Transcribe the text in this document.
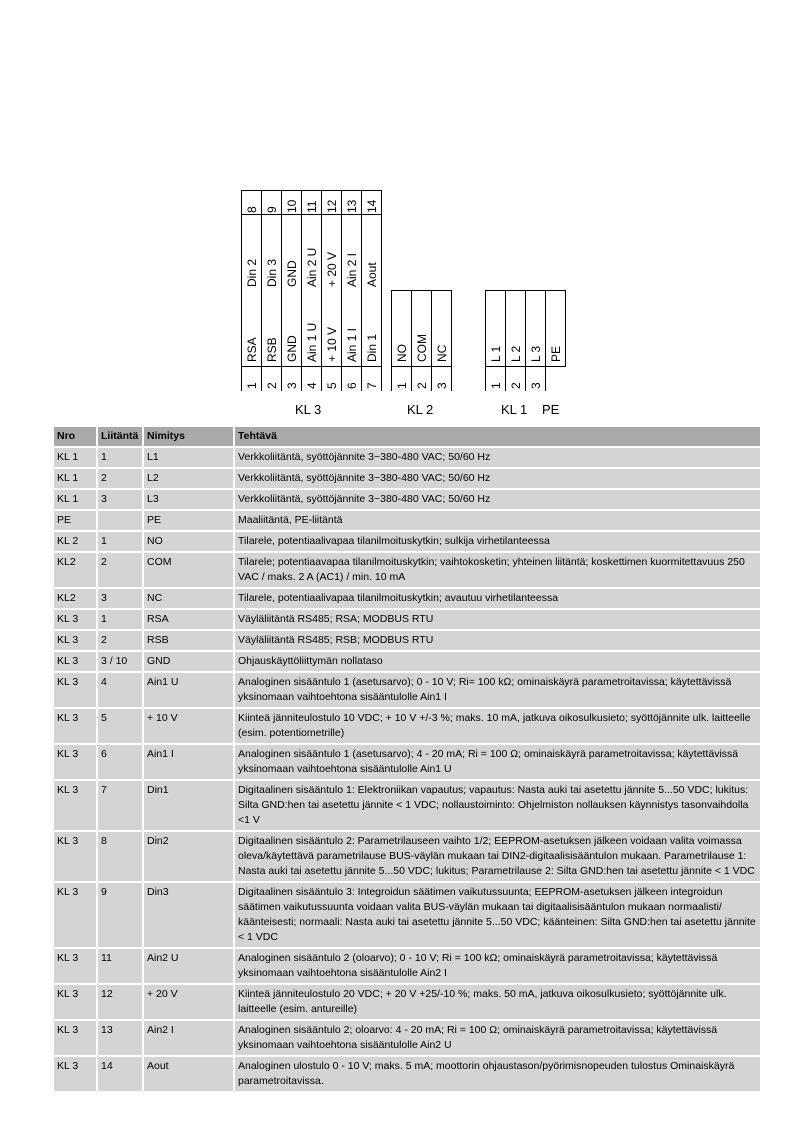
8
Din 2
RSA
1
9
Din 3
RSB
2
10
GND
GND
3
11
Ain 2 U
Ain 1 U
4
12
+ 20 V
+ 10 V
5
13
Ain 2 I
Ain 1 I
6
14
Aout
Din 1
7
KL 3
NO
1
COM
2
NC
3
KL 2
L 1
1
L 2
2
L 3
3
PE
KL 1 PE
Nro	Liitäntä	Nimitys	Tehtävä
KL 1	1	L1	Verkkoliitäntä, syöttöjännite 3~380-480 VAC; 50/60 Hz
KL 1	2	L2	Verkkoliitäntä, syöttöjännite 3~380-480 VAC; 50/60 Hz
KL 1	3	L3	Verkkoliitäntä, syöttöjännite 3~380-480 VAC; 50/60 Hz
PE		PE	Maaliitäntä, PE-liitäntä
KL 2	1	NO	Tilarele, potentiaalivapaa tilanilmoituskytkin; sulkija virhetilanteessa
KL2	2	COM	Tilarele; potentiaavapaa tilanilmoituskytkin; vaihtokosketin; yhteinen liitäntä; koskettimen kuormitettavuus 250 VAC / maks. 2 A (AC1) / min. 10 mA
KL2	3	NC	Tilarele, potentiaalivapaa tilanilmoituskytkin; avautuu virhetilanteessa
KL 3	1	RSA	Väyläliitäntä RS485; RSA; MODBUS RTU
KL 3	2	RSB	Väyläliitäntä RS485; RSB; MODBUS RTU
KL 3	3 / 10	GND	Ohjauskäyttöliittymän nollataso
KL 3	4	Ain1 U	Analoginen sisääntulo 1 (asetusarvo); 0 - 10 V; Ri= 100 kΩ; ominaiskäyrä parametroitavissa; käytettävissä yksinomaan vaihtoehtona sisääntulolle Ain1 I
KL 3	5	+ 10 V	Kiinteä jänniteulostulo 10 VDC; + 10 V +/-3 %; maks. 10 mA, jatkuva oikosulkusieto; syöttöjännite ulk. laitteelle (esim. potentiometrille)
KL 3	6	Ain1 I	Analoginen sisääntulo 1 (asetusarvo); 4 - 20 mA; Ri = 100 Ω; ominaiskäyrä parametroitavissa; käytettävissä yksinomaan vaihtoehtona sisääntulolle Ain1 U
KL 3	7	Din1	Digitaalinen sisääntulo 1: Elektroniikan vapautus; vapautus: Nasta auki tai asetettu jännite 5...50 VDC; lukitus: Silta GND:hen tai asetettu jännite < 1 VDC; nollaustoiminto: Ohjelmiston nollauksen käynnistys tasonvaihdolla <1 V
KL 3	8	Din2	Digitaalinen sisääntulo 2: Parametrilauseen vaihto 1/2; EEPROM-asetuksen jälkeen voidaan valita voimassa oleva/käytettävä parametrilause BUS-väylän mukaan tai DIN2-digitaalisisääntulon mukaan. Parametrilause 1: Nasta auki tai asetettu jännite 5...50 VDC; lukitus; Parametrilause 2: Silta GND:hen tai asetettu jännite < 1 VDC
KL 3	9	Din3	Digitaalinen sisääntulo 3: Integroidun säätimen vaikutussuunta; EEPROM-asetuksen jälkeen integroidun säätimen vaikutussuunta voidaan valita BUS-väylän mukaan tai digitaalisisääntulon mukaan normaalisti/ käänteisesti; normaali: Nasta auki tai asetettu jännite 5...50 VDC; käänteinen: Silta GND:hen tai asetettu jännite < 1 VDC
KL 3	11	Ain2 U	Analoginen sisääntulo 2 (oloarvo); 0 - 10 V; Ri = 100 kΩ; ominaiskäyrä parametroitavissa; käytettävissä yksinomaan vaihtoehtona sisääntulolle Ain2 I
KL 3	12	+ 20 V	Kiinteä jänniteulostulo 20 VDC; + 20 V +25/-10 %; maks. 50 mA, jatkuva oikosulkusieto; syöttöjännite ulk. laitteelle (esim. antureille)
KL 3	13	Ain2 I	Analoginen sisääntulo 2; oloarvo: 4 - 20 mA; Ri = 100 Ω; ominaiskäyrä parametroitavissa; käytettävissä yksinomaan vaihtoehtona sisääntulolle Ain2 U
KL 3	14	Aout	Analoginen ulostulo 0 - 10 V; maks. 5 mA; moottorin ohjaustason/pyörimisnopeuden tulostus Ominaiskäyrä parametroitavissa.
